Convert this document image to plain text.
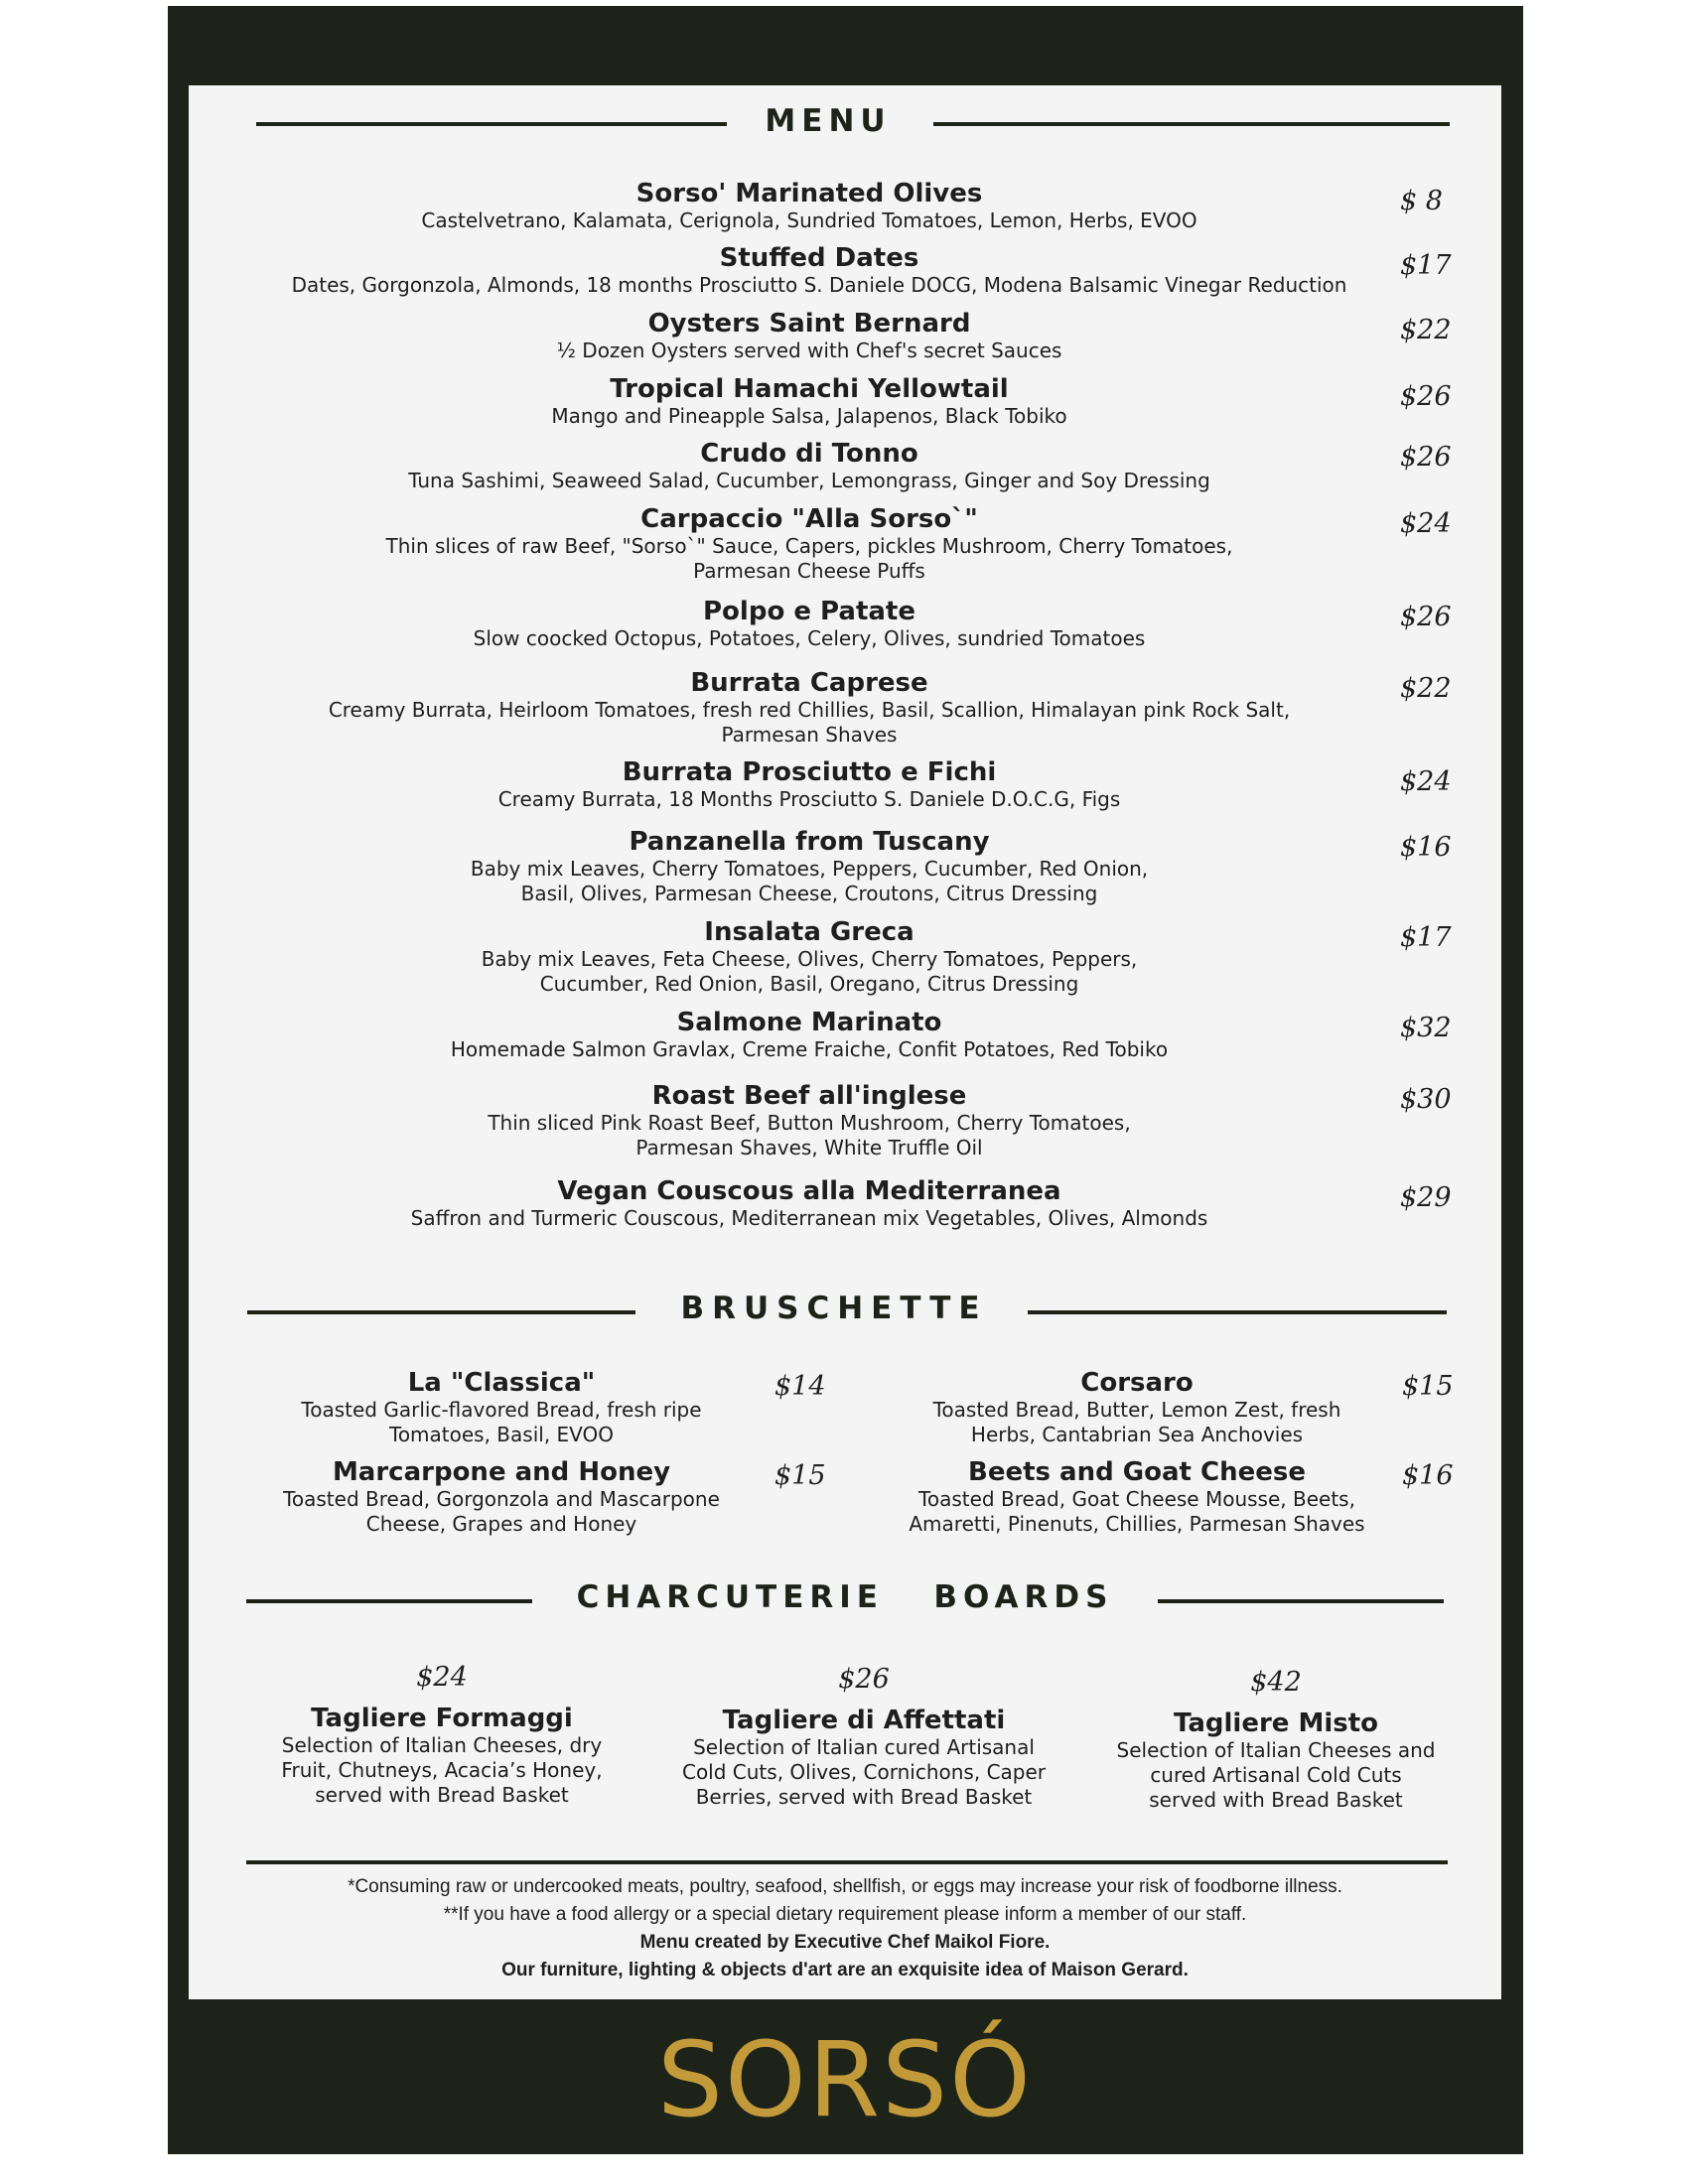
MENU
Sorso' Marinated Olives
Castelvetrano, Kalamata, Cerignola, Sundried Tomatoes, Lemon, Herbs, EVOO
$ 8
Stuffed Dates
Dates, Gorgonzola, Almonds, 18 months Prosciutto S. Daniele DOCG, Modena Balsamic Vinegar Reduction
$17
Oysters Saint Bernard
½ Dozen Oysters served with Chef's secret Sauces
$22
Tropical Hamachi Yellowtail
Mango and Pineapple Salsa, Jalapenos, Black Tobiko
$26
Crudo di Tonno
Tuna Sashimi, Seaweed Salad, Cucumber, Lemongrass, Ginger and Soy Dressing
$26
Carpaccio "Alla Sorso`"
Thin slices of raw Beef, "Sorso`" Sauce, Capers, pickles Mushroom, Cherry Tomatoes,
Parmesan Cheese Puffs
$24
Polpo e Patate
Slow coocked Octopus, Potatoes, Celery, Olives, sundried Tomatoes
$26
Burrata Caprese
Creamy Burrata, Heirloom Tomatoes, fresh red Chillies, Basil, Scallion, Himalayan pink Rock Salt,
Parmesan Shaves
$22
Burrata Prosciutto e Fichi
Creamy Burrata, 18 Months Prosciutto S. Daniele D.O.C.G, Figs
$24
Panzanella from Tuscany
Baby mix Leaves, Cherry Tomatoes, Peppers, Cucumber, Red Onion,
Basil, Olives, Parmesan Cheese, Croutons, Citrus Dressing
$16
Insalata Greca
Baby mix Leaves, Feta Cheese, Olives, Cherry Tomatoes, Peppers,
Cucumber, Red Onion, Basil, Oregano, Citrus Dressing
$17
Salmone Marinato
Homemade Salmon Gravlax, Creme Fraiche, Confit Potatoes, Red Tobiko
$32
Roast Beef all'inglese
Thin sliced Pink Roast Beef, Button Mushroom, Cherry Tomatoes,
Parmesan Shaves, White Truffle Oil
$30
Vegan Couscous alla Mediterranea
Saffron and Turmeric Couscous, Mediterranean mix Vegetables, Olives, Almonds
$29
BRUSCHETTE
La "Classica"
Toasted Garlic-flavored Bread, fresh ripe
Tomatoes, Basil, EVOO
$14	Corsaro
Toasted Bread, Butter, Lemon Zest, fresh
Herbs, Cantabrian Sea Anchovies
$15
Marcarpone and Honey
Toasted Bread, Gorgonzola and Mascarpone
Cheese, Grapes and Honey
$15	Beets and Goat Cheese
Toasted Bread, Goat Cheese Mousse, Beets,
Amaretti, Pinenuts, Chillies, Parmesan Shaves
$16
CHARCUTERIE   BOARDS
$24
Tagliere Formaggi
Selection of Italian Cheeses, dry
Fruit, Chutneys, Acacia’s Honey,
served with Bread Basket
$26
Tagliere di Affettati
Selection of Italian cured Artisanal
Cold Cuts, Olives, Cornichons, Caper
Berries, served with Bread Basket
$42
Tagliere Misto
Selection of Italian Cheeses and
cured Artisanal Cold Cuts
served with Bread Basket
*Consuming raw or undercooked meats, poultry, seafood, shellfish, or eggs may increase your risk of foodborne illness.
**If you have a food allergy or a special dietary requirement please inform a member of our staff.
Menu created by Executive Chef Maikol Fiore.
Our furniture, lighting & objects d'art are an exquisite idea of Maison Gerard.
SORSÓ
